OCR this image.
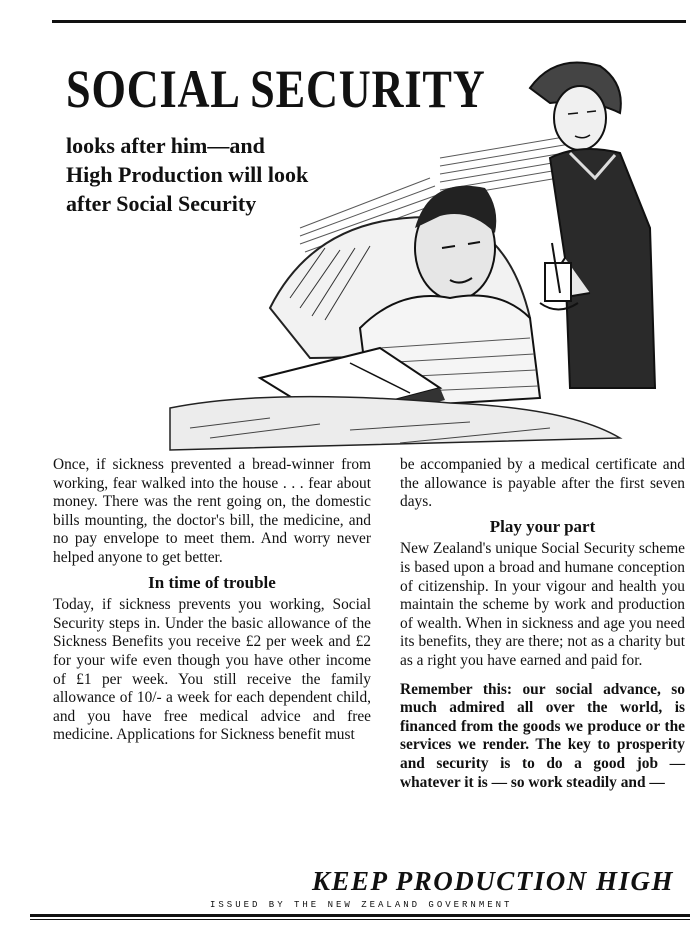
SOCIAL SECURITY
looks after him—and
High Production will look
after Social Security

Once, if sickness prevented a bread-winner from working, fear walked into the house . . . fear about money. There was the rent going on, the domestic bills mounting, the doctor's bill, the medicine, and no pay envelope to meet them. And worry never helped anyone to get better.

In time of trouble

Today, if sickness prevents you working, Social Security steps in. Under the basic allowance of the Sickness Benefits you receive £2 per week and £2 for your wife even though you have other income of £1 per week. You still receive the family allowance of 10/- a week for each dependent child, and you have free medical advice and free medicine. Applications for Sickness benefit must

be accompanied by a medical certificate and the allowance is payable after the first seven days.

Play your part

New Zealand's unique Social Security scheme is based upon a broad and humane conception of citizenship. In your vigour and health you maintain the scheme by work and production of wealth. When in sickness and age you need its benefits, they are there; not as a charity but as a right you have earned and paid for.

Remember this: our social advance, so much admired all over the world, is financed from the goods we produce or the services we render. The key to prosperity and security is to do a good job — whatever it is — so work steadily and —

KEEP PRODUCTION HIGH

ISSUED BY THE NEW ZEALAND GOVERNMENT
